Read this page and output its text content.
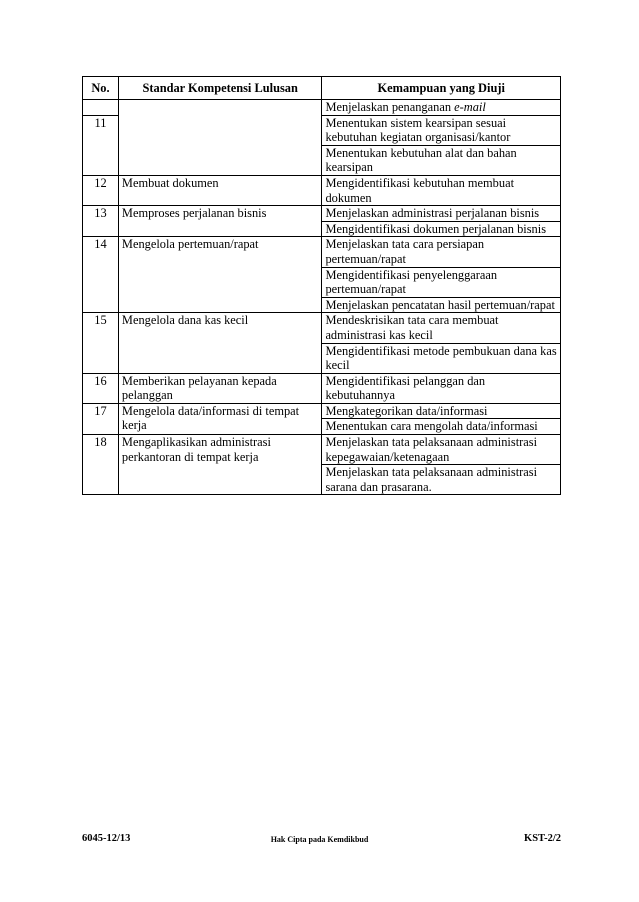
No.	Standar Kompetensi Lulusan	Kemampuan yang Diuji
		Menjelaskan penanganan e-mail
11		Menentukan sistem kearsipan sesuai kebutuhan kegiatan organisasi/kantor
		Menentukan kebutuhan alat dan bahan kearsipan
12	Membuat dokumen	Mengidentifikasi kebutuhan membuat dokumen
13	Memproses perjalanan bisnis	Menjelaskan administrasi perjalanan bisnis
		Mengidentifikasi dokumen perjalanan bisnis
14	Mengelola pertemuan/rapat	Menjelaskan tata cara persiapan pertemuan/rapat
		Mengidentifikasi penyelenggaraan pertemuan/rapat
		Menjelaskan pencatatan hasil pertemuan/rapat
15	Mengelola dana kas kecil	Mendeskrisikan tata cara membuat administrasi kas kecil
		Mengidentifikasi metode pembukuan dana kas kecil
16	Memberikan pelayanan kepada pelanggan	Mengidentifikasi pelanggan dan kebutuhannya
17	Mengelola data/informasi di tempat kerja	Mengkategorikan data/informasi
		Menentukan cara mengolah data/informasi
18	Mengaplikasikan administrasi perkantoran di tempat kerja	Menjelaskan tata pelaksanaan administrasi kepegawaian/ketenagaan
		Menjelaskan tata pelaksanaan administrasi sarana dan prasarana.
6045-12/13	Hak Cipta pada Kemdikbud	KST-2/2
